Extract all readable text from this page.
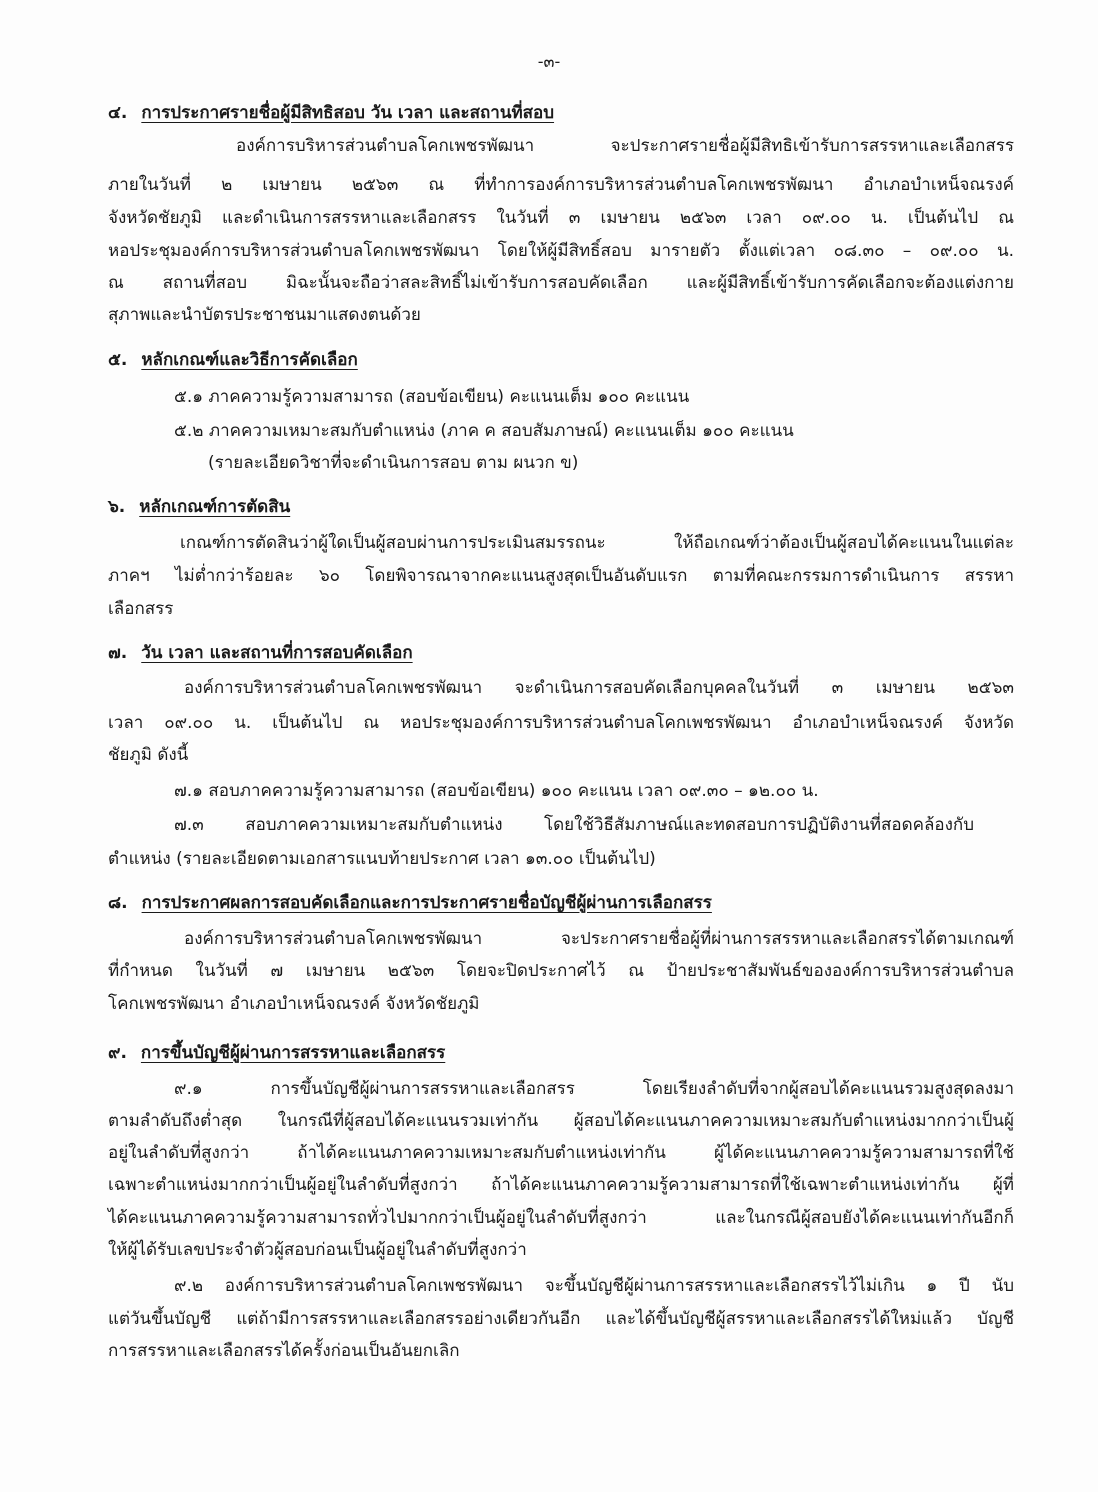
-๓-
๔. การประกาศรายชื่อผู้มีสิทธิสอบ วัน เวลา และสถานที่สอบ
องค์การบริหารส่วนตำบลโคกเพชรพัฒนา จะประกาศรายชื่อผู้มีสิทธิเข้ารับการสรรหาและเลือกสรร
ภายในวันที่ ๒ เมษายน ๒๕๖๓ ณ ที่ทำการองค์การบริหารส่วนตำบลโคกเพชรพัฒนา อำเภอบำเหน็จณรงค์
จังหวัดชัยภูมิ และดำเนินการสรรหาและเลือกสรร ในวันที่ ๓ เมษายน ๒๕๖๓ เวลา ๐๙.๐๐ น. เป็นต้นไป ณ
หอประชุมองค์การบริหารส่วนตำบลโคกเพชรพัฒนา โดยให้ผู้มีสิทธิ์สอบ มารายตัว ตั้งแต่เวลา ๐๘.๓๐ – ๐๙.๐๐ น.
ณ สถานที่สอบ มิฉะนั้นจะถือว่าสละสิทธิ์ไม่เข้ารับการสอบคัดเลือก และผู้มีสิทธิ์เข้ารับการคัดเลือกจะต้องแต่งกาย
สุภาพและนำบัตรประชาชนมาแสดงตนด้วย
๕. หลักเกณฑ์และวิธีการคัดเลือก
๕.๑ ภาคความรู้ความสามารถ (สอบข้อเขียน) คะแนนเต็ม ๑๐๐ คะแนน
๕.๒ ภาคความเหมาะสมกับตำแหน่ง (ภาค ค สอบสัมภาษณ์) คะแนนเต็ม ๑๐๐ คะแนน
(รายละเอียดวิชาที่จะดำเนินการสอบ ตาม ผนวก ข)
๖. หลักเกณฑ์การตัดสิน
เกณฑ์การตัดสินว่าผู้ใดเป็นผู้สอบผ่านการประเมินสมรรถนะ ให้ถือเกณฑ์ว่าต้องเป็นผู้สอบได้คะแนนในแต่ละ
ภาคฯ ไม่ต่ำกว่าร้อยละ ๖๐ โดยพิจารณาจากคะแนนสูงสุดเป็นอันดับแรก ตามที่คณะกรรมการดำเนินการ สรรหา
เลือกสรร
๗. วัน เวลา และสถานที่การสอบคัดเลือก
องค์การบริหารส่วนตำบลโคกเพชรพัฒนา จะดำเนินการสอบคัดเลือกบุคคลในวันที่ ๓ เมษายน ๒๕๖๓
เวลา ๐๙.๐๐ น. เป็นต้นไป ณ หอประชุมองค์การบริหารส่วนตำบลโคกเพชรพัฒนา อำเภอบำเหน็จณรงค์ จังหวัด
ชัยภูมิ ดังนี้
๗.๑ สอบภาคความรู้ความสามารถ (สอบข้อเขียน) ๑๐๐ คะแนน เวลา ๐๙.๓๐ – ๑๒.๐๐ น.
๗.๓ สอบภาคความเหมาะสมกับตำแหน่ง โดยใช้วิธีสัมภาษณ์และทดสอบการปฏิบัติงานที่สอดคล้องกับ
ตำแหน่ง (รายละเอียดตามเอกสารแนบท้ายประกาศ เวลา ๑๓.๐๐ เป็นต้นไป)
๘. การประกาศผลการสอบคัดเลือกและการประกาศรายชื่อบัญชีผู้ผ่านการเลือกสรร
องค์การบริหารส่วนตำบลโคกเพชรพัฒนา จะประกาศรายชื่อผู้ที่ผ่านการสรรหาและเลือกสรรได้ตามเกณฑ์
ที่กำหนด ในวันที่ ๗ เมษายน ๒๕๖๓ โดยจะปิดประกาศไว้ ณ ป้ายประชาสัมพันธ์ขององค์การบริหารส่วนตำบล
โคกเพชรพัฒนา อำเภอบำเหน็จณรงค์ จังหวัดชัยภูมิ
๙. การขึ้นบัญชีผู้ผ่านการสรรหาและเลือกสรร
๙.๑ การขึ้นบัญชีผู้ผ่านการสรรหาและเลือกสรร โดยเรียงลำดับที่จากผู้สอบได้คะแนนรวมสูงสุดลงมา
ตามลำดับถึงต่ำสุด ในกรณีที่ผู้สอบได้คะแนนรวมเท่ากัน ผู้สอบได้คะแนนภาคความเหมาะสมกับตำแหน่งมากกว่าเป็นผู้
อยู่ในลำดับที่สูงกว่า ถ้าได้คะแนนภาคความเหมาะสมกับตำแหน่งเท่ากัน ผู้ได้คะแนนภาคความรู้ความสามารถที่ใช้
เฉพาะตำแหน่งมากกว่าเป็นผู้อยู่ในลำดับที่สูงกว่า ถ้าได้คะแนนภาคความรู้ความสามารถที่ใช้เฉพาะตำแหน่งเท่ากัน ผู้ที่
ได้คะแนนภาคความรู้ความสามารถทั่วไปมากกว่าเป็นผู้อยู่ในลำดับที่สูงกว่า และในกรณีผู้สอบยังได้คะแนนเท่ากันอีกก็
ให้ผู้ได้รับเลขประจำตัวผู้สอบก่อนเป็นผู้อยู่ในลำดับที่สูงกว่า
๙.๒ องค์การบริหารส่วนตำบลโคกเพชรพัฒนา จะขึ้นบัญชีผู้ผ่านการสรรหาและเลือกสรรไว้ไม่เกิน ๑ ปี นับ
แต่วันขึ้นบัญชี แต่ถ้ามีการสรรหาและเลือกสรรอย่างเดียวกันอีก และได้ขึ้นบัญชีผู้สรรหาและเลือกสรรได้ใหม่แล้ว บัญชี
การสรรหาและเลือกสรรได้ครั้งก่อนเป็นอันยกเลิก
